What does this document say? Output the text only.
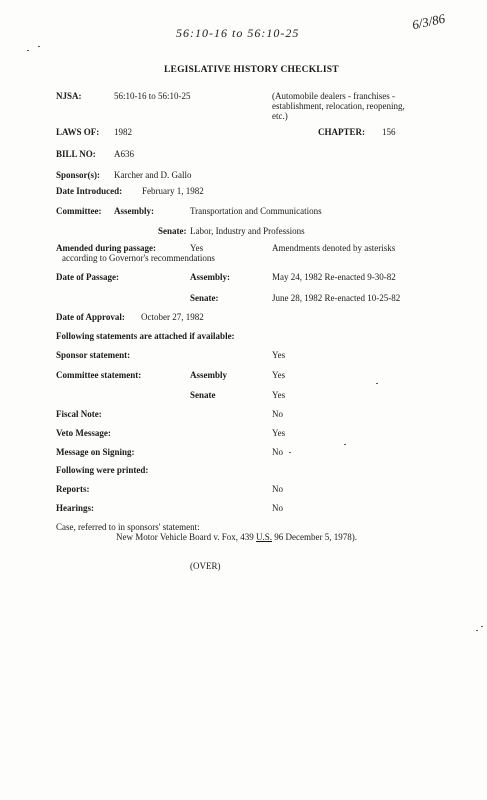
56:10-16 to 56:10-25
6/3/86
LEGISLATIVE HISTORY CHECKLIST
NJSA:	56:10-16 to 56:10-25	(Automobile dealers - franchises -
establishment, relocation, reopening,
etc.)
LAWS OF: 1982	CHAPTER: 156
BILL NO: A636
Sponsor(s): Karcher and D. Gallo
Date Introduced: February 1, 1982
Committee: Assembly:	Transportation and Communications
Senate: Labor, Industry and Professions
Amended during passage:	Yes	Amendments denoted by asterisks
according to Governor's recommendations
Date of Passage:	Assembly:	May 24, 1982 Re-enacted 9-30-82
Senate:	June 28, 1982 Re-enacted 10-25-82
Date of Approval: October 27, 1982
Following statements are attached if available:
Sponsor statement:	Yes
Committee statement:	Assembly	Yes
Senate	Yes
Fiscal Note:	No
Veto Message:	Yes
Message on Signing:	No
Following were printed:
Reports:	No
Hearings:	No
Case, referred to in sponsors' statement:
New Motor Vehicle Board v. Fox, 439 U.S. 96 December 5, 1978).
(OVER)
